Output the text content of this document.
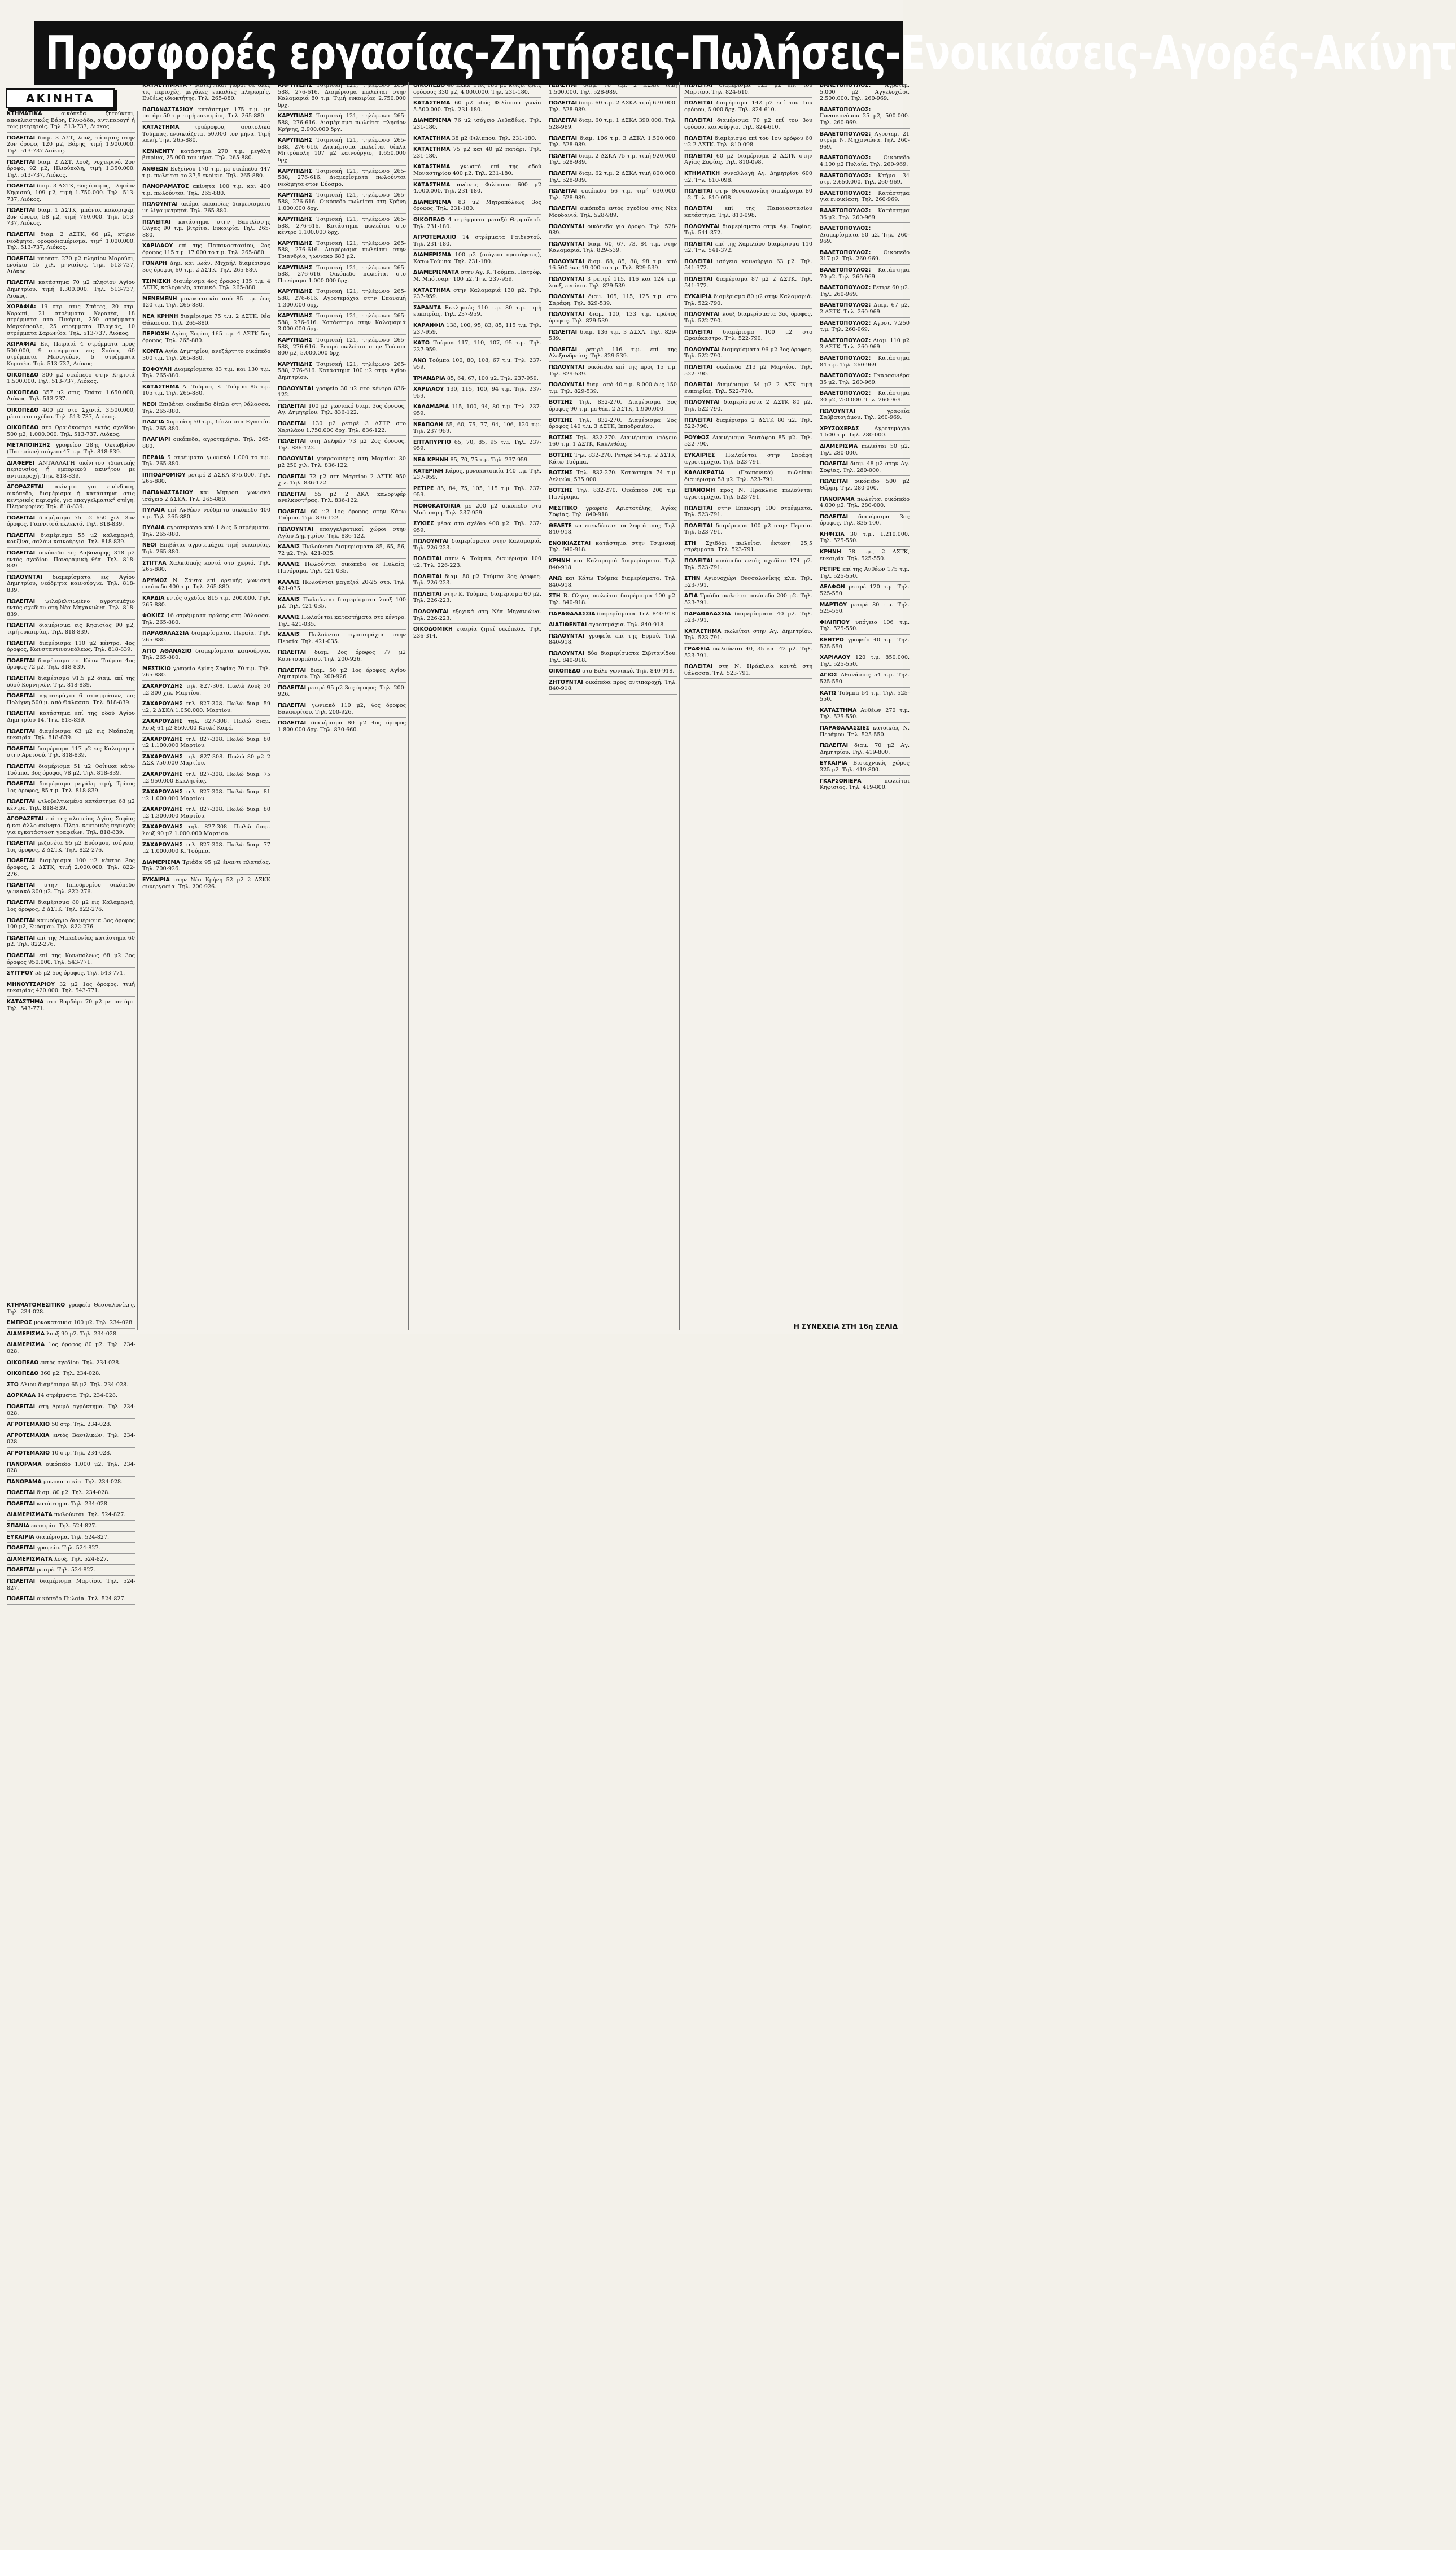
Προσφορές εργασίας-Ζητήσεις-Πωλήσεις-Ενοικιάσεις-Αγορές-Ακίνητ
ΑΚΙΝΗΤΑ

ΚΤΗΜΑΤΙΚΑ οικόπεδα ζητούνται, αποκλειστικώς Βάρη, Γλυφάδα, αντιπαροχή ή τοις μετρητοίς. Τηλ. 513-737, Λιόκος.

ΠΩΛΕΙΤΑΙ διαμ. 3 ΔΣΤ, λουξ, τάπητας στην 2ον όροφο, 120 μ2, Βάρης, τιμή 1.900.000. Τηλ. 513-737 Λιόκος.

ΠΩΛΕΙΤΑΙ διαμ. 2 ΔΣΤ, λουξ, νυχτερινό, 2ον όροφο, 92 μ2, Ηλιούπολη, τιμή 1.350.000. Τηλ. 513-737, Λιόκος.

ΠΩΛΕΙΤΑΙ διαμ. 3 ΔΣΤΚ, 6ος όροφος, πλησίον Κηφισού, 109 μ2, τιμή 1.750.000. Τηλ. 513-737, Λιόκος.

ΠΩΛΕΙΤΑΙ διαμ. 1 ΔΣΤΚ, μπάνιο, καλοριφέρ, 2ον όροφο, 58 μ2, τιμή 760.000. Τηλ. 513-737, Λιόκος.

ΠΩΛΕΙΤΑΙ διαμ. 2 ΔΣΤΚ, 66 μ2, κτίριο νεόδμητο, οροφοδιαμέρισμα, τιμή 1.000.000. Τηλ. 513-737, Λιόκος.

ΠΩΛΕΙΤΑΙ καταστ. 270 μ2 πλησίον Μαρούσι, ενοίκιο 15 χιλ. μηνιαίως. Τηλ. 513-737, Λιόκος.

ΠΩΛΕΙΤΑΙ κατάστημα 70 μ2 πλησίον Αγίου Δημητρίου, τιμή 1.300.000. Τηλ. 513-737, Λιόκος.

ΧΩΡΑΦΙΑ: 19 στρ. στις Σπάτες, 20 στρ. Κορωπί, 21 στρέμματα Κερατέα, 18 στρέμματα στο Πικέρμι, 250 στρέμματα Μαρκόπουλο, 25 στρέμματα Πλαγιάς, 10 στρέμματα Σαρωνίδα. Τηλ. 513-737, Λιόκος.

ΧΩΡΑΦΙΑ: Εις Πειραιά 4 στρέμματα προς 500.000, 9 στρέμματα εις Σπάτα, 60 στρέμματα Μεσογείων, 5 στρέμματα Κερατέα. Τηλ. 513-737, Λιόκος.

ΟΙΚΟΠΕΔΟ 300 μ2 οικόπεδο στην Κηφισιά 1.500.000. Τηλ. 513-737, Λιόκος.

ΟΙΚΟΠΕΔΟ 357 μ2 στις Σπάτα 1.650.000, Λιόκος. Τηλ. 513-737.

ΟΙΚΟΠΕΔΟ 400 μ2 στο Σχινιά, 3.500.000, μέσα στο σχέδιο. Τηλ. 513-737, Λιόκος.

ΟΙΚΟΠΕΔΟ στο Ωραιόκαστρο εντός σχεδίου 500 μ2, 1.000.000. Τηλ. 513-737, Λιόκος.

ΜΕΤΑΠΟΙΗΣΗΣ γραφείου 28ης Οκτωβρίου (Πατησίων) ισόγειο 47 τ.μ. Τηλ. 818-839.

ΔΙΑΦΕΡΕΙ ΑΝΤΑΛΛΑΓΗ ακίνητου ιδιωτικής περιουσίας ή εμπορικού ακινήτου με αντιπαροχή. Τηλ. 818-839.

ΑΓΟΡΑΖΕΤΑΙ ακίνητο για επένδυση, οικόπεδο, διαμέρισμα ή κατάστημα στις κεντρικές περιοχές, για επαγγελματική στέγη. Πληροφορίες: Τηλ. 818-839.

ΠΩΛΕΙΤΑΙ διαμέρισμα 75 μ2 650 χιλ. 3ον όροφος, Γιαννιτσά εκλεκτό. Τηλ. 818-839.

ΠΩΛΕΙΤΑΙ διαμέρισμα 55 μ2 καλαμαριά, κουζίνα, σαλόνι καινούργιο. Τηλ. 818-839.

ΠΩΛΕΙΤΑΙ οικόπεδο εις Λαβανάρης 318 μ2 εντός σχεδίου. Πανοραμική θέα. Τηλ. 818-839.

ΠΩΛΟΥΝΤΑΙ διαμερίσματα εις Αγίου Δημητρίου, νεόδμητα καινούργια. Τηλ. 818-839.

ΠΩΛΕΙΤΑΙ ψιλοβελτιωμένο αγροτεμάχιο εντός σχεδίου στη Νέα Μηχανιώνα. Τηλ. 818-839.

ΠΩΛΕΙΤΑΙ διαμέρισμα εις Κηφισίας 90 μ2, τιμή ευκαιρίας. Τηλ. 818-839.

ΠΩΛΕΙΤΑΙ διαμέρισμα 110 μ2 κέντρο, 4ος όροφος, Κωνσταντινουπόλεως. Τηλ. 818-839.

ΠΩΛΕΙΤΑΙ διαμέρισμα εις Κάτω Τούμπα 4ος όροφος 72 μ2. Τηλ. 818-839.

ΠΩΛΕΙΤΑΙ διαμέρισμα 91,5 μ2 διαμ. επί της οδού Κομνηνών. Τηλ. 818-839.

ΠΩΛΕΙΤΑΙ αγροτεμάχιο 6 στρεμμάτων, εις Πολίχνη 500 μ. από Θάλασσα. Τηλ. 818-839.

ΠΩΛΕΙΤΑΙ κατάστημα επί της οδού Αγίου Δημητρίου 14. Τηλ. 818-839.

ΠΩΛΕΙΤΑΙ διαμέρισμα 63 μ2 εις Νεάπολη, ευκαιρία. Τηλ. 818-839.

ΠΩΛΕΙΤΑΙ διαμέρισμα 117 μ2 εις Καλαμαριά στην Αρετσού. Τηλ. 818-839.

ΠΩΛΕΙΤΑΙ διαμέρισμα 51 μ2 Φοίνικα κάτω Τούμπα, 3ος όροφος 78 μ2. Τηλ. 818-839.

ΠΩΛΕΙΤΑΙ διαμέρισμα μεγάλη τιμή, Τρίτος 1ος όροφος, 85 τ.μ. Τηλ. 818-839.

ΠΩΛΕΙΤΑΙ ψιλοβελτιωμένο κατάστημα 68 μ2 κέντρο. Τηλ. 818-839.

ΑΓΟΡΑΖΕΤΑΙ επί της πλατείας Αγίας Σοφίας ή και άλλο ακίνητο. Πληρ. κεντρικές περιοχές για εγκατάσταση γραφείων. Τηλ. 818-839.

ΠΩΛΕΙΤΑΙ μεζονέτα 95 μ2 Ευόσμου, ισόγειο, 1ος όροφος, 2 ΔΣΤΚ. Τηλ. 822-276.

ΠΩΛΕΙΤΑΙ διαμέρισμα 100 μ2 κέντρο 3ος όροφος, 2 ΔΣΤΚ, τιμή 2.000.000. Τηλ. 822-276.

ΠΩΛΕΙΤΑΙ στην Ιπποδρομίου οικόπεδο γωνιακό 300 μ2. Τηλ. 822-276.

ΠΩΛΕΙΤΑΙ διαμέρισμα 80 μ2 εις Καλαμαριά, 1ος όροφος, 2 ΔΣΤΚ. Τηλ. 822-276.

ΠΩΛΕΙΤΑΙ καινούργιο διαμέρισμα 3ος όροφος 100 μ2, Ευόσμου. Τηλ. 822-276.

ΠΩΛΕΙΤΑΙ επί της Μακεδονίας κατάστημα 60 μ2. Τηλ. 822-276.

ΠΩΛΕΙΤΑΙ επί της Κων/πόλεως 68 μ2 3ος όροφος 950.000. Τηλ. 543-771.

ΣΥΓΓΡΟΥ 55 μ2 5ος όροφος. Τηλ. 543-771.

ΜΗΝΟΥΤΣΑΡΙΟΥ 32 μ2 1ος όροφος, τιμή ευκαιρίας 420.000. Τηλ. 543-771.

ΚΑΤΑΣΤΗΜΑ στο Βαρδάρι 70 μ2 με πατάρι. Τηλ. 543-771.

ΚΑΤΑΣΤΗΜΑΤΑ - βιοτεχνικοί χώροι σε όλες τις περιοχές, μεγάλες ευκολίες πληρωμής. Ευθέως ιδιοκτήτης. Τηλ. 265-880.

ΠΑΠΑΝΑΣΤΑΣΙΟΥ κατάστημα 175 τ.μ. με πατάρι 50 τ.μ. τιμή ευκαιρίας. Τηλ. 265-880.

ΚΑΤΑΣΤΗΜΑ τριώροφου, ανατολικά Τούμπας, ενοικιάζεται 50.000 τον μήνα. Τιμή καλή. Τηλ. 265-880.

ΚΕΝΝΕΝΤΥ κατάστημα 270 τ.μ. μεγάλη βιτρίνα, 25.000 τον μήνα. Τηλ. 265-880.

ΑΝΘΕΩΝ Ευξείνου 170 τ.μ. με οικόπεδο 447 τ.μ. πωλείται το 37,5 ενοίκιο. Τηλ. 265-880.

ΠΑΝΟΡΑΜΑΤΟΣ ακίνητα 100 τ.μ. και 400 τ.μ. πωλούνται. Τηλ. 265-880.

ΠΩΛΟΥΝΤΑΙ ακόμα ευκαιρίες διαμερισματα με λίγα μετρητά. Τηλ. 265-880.

ΠΩΛΕΙΤΑΙ κατάστημα στην Βασιλίσσης Όλγας 90 τ.μ. βιτρίνα. Ευκαιρία. Τηλ. 265-880.

ΧΑΡΙΛΑΟΥ επί της Παπαναστασίου, 2ος όροφος 115 τ.μ. 17.000 το τ.μ. Τηλ. 265-880.

ΓΟΝΑΡΗ Δημ. και Ιωάν. Μιχαήλ διαμέρισμα 3ος όροφος 60 τ.μ. 2 ΔΣΤΚ. Τηλ. 265-880.

ΤΣΙΜΙΣΚΗ διαμέρισμα 4ος όροφος 135 τ.μ. 4 ΔΣΤΚ, καλοριφέρ, ατομικό. Τηλ. 265-880.

ΜΕΝΕΜΕΝΗ μονοκατοικία από 85 τ.μ. έως 120 τ.μ. Τηλ. 265-880.

ΝΕΑ ΚΡΗΝΗ διαμέρισμα 75 τ.μ. 2 ΔΣΤΚ, θέα Θάλασσα. Τηλ. 265-880.

ΠΕΡΙΟΧΗ Αγίας Σοφίας 165 τ.μ. 4 ΔΣΤΚ 5ος όροφος. Τηλ. 265-880.

ΚΟΝΤΑ Αγία Δημητρίου, ανεξάρτητο οικόπεδο 300 τ.μ. Τηλ. 265-880.

ΣΟΦΟΥΛΗ Διαμερίσματα 83 τ.μ. και 130 τ.μ. Τηλ. 265-880.

ΚΑΤΑΣΤΗΜΑ Α. Τούμπα, Κ. Τούμπα 85 τ.μ. 105 τ.μ. Τηλ. 265-880.

ΝΕΟΙ Επιβάται οικόπεδο δίπλα στη θάλασσα. Τηλ. 265-880.

ΠΛΑΓΙΑ Χορτιάτη 50 τ.μ., δίπλα στα Εγνατία. Τηλ. 265-880.

ΠΛΑΓΙΑΡΙ οικόπεδα, αγροτεμάχια. Τηλ. 265-880.

ΠΕΡΑΙΑ 5 στρέμματα γωνιακό 1.000 το τ.μ. Τηλ. 265-880.

ΙΠΠΟΔΡΟΜΙΟΥ ρετιρέ 2 ΔΣΚΛ 875.000. Τηλ. 265-880.

ΠΑΠΑΝΑΣΤΑΣΙΟΥ και Μητροπ. γωνιακό ισόγειο 2 ΔΣΚΛ. Τηλ. 265-880.

ΠΥΛΑΙΑ επί Ανθέων νεόδμητο οικόπεδο 400 τ.μ. Τηλ. 265-880.

ΠΥΛΑΙΑ αγροτεμάχιο από 1 έως 6 στρέμματα. Τηλ. 265-880.

ΝΕΟΙ Επιβάται αγροτεμάχια τιμή ευκαιρίας. Τηλ. 265-880.

ΣΤΙΓΓΛΑ Χαλκιδικής κοντά στο χωριό. Τηλ. 265-880.

ΔΡΥΜΟΣ Ν. Σάντα επί ορεινής γωνιακή οικόπεδο 400 τ.μ. Τηλ. 265-880.

ΚΑΡΔΙΑ εντός σχεδίου 815 τ.μ. 200.000. Τηλ. 265-880.

ΦΩΚΙΕΣ 16 στρέμματα πρώτης στη θάλασσα. Τηλ. 265-880.

ΠΑΡΑΘΑΛΑΣΣΙΑ διαμερίσματα. Περαία. Τηλ. 265-880.

ΑΓΙΟ ΑΘΑΝΑΣΙΟ διαμερίσματα καινούργια. Τηλ. 265-880.

ΜΕΣΤΙΚΙΟ γραφείο Αγίας Σοφίας 70 τ.μ. Τηλ. 265-880.

ΖΑΧΑΡΟΥΔΗΣ τηλ. 827-308. Πωλώ λουξ 30 μ2 300 χιλ. Μαρτίου.

ΖΑΧΑΡΟΥΔΗΣ τηλ. 827-308. Πωλώ διαμ. 59 μ2, 2 ΔΣΚΛ 1.050.000. Μαρτίου.

ΖΑΧΑΡΟΥΔΗΣ τηλ. 827-308. Πωλώ διαμ. λουξ 64 μ2 850.000 Κουλέ Καφέ.

ΖΑΧΑΡΟΥΔΗΣ τηλ. 827-308. Πωλώ διαμ. 80 μ2 1.100.000 Μαρτίου.

ΖΑΧΑΡΟΥΔΗΣ τηλ. 827-308. Πωλώ 80 μ2 2 ΔΣΚ 750.000 Μαρτίου.

ΖΑΧΑΡΟΥΔΗΣ τηλ. 827-308. Πωλώ διαμ. 75 μ2 950.000 Εκκλησίας.

ΖΑΧΑΡΟΥΔΗΣ τηλ. 827-308. Πωλώ διαμ. 81 μ2 1.000.000 Μαρτίου.

ΖΑΧΑΡΟΥΔΗΣ τηλ. 827-308. Πωλώ διαμ. 80 μ2 1.300.000 Μαρτίου.

ΖΑΧΑΡΟΥΔΗΣ τηλ. 827-308. Πωλώ διαμ. λουξ 90 μ2 1.000.000 Μαρτίου.

ΖΑΧΑΡΟΥΔΗΣ τηλ. 827-308. Πωλώ διαμ. 77 μ2 1.000.000 Κ. Τούμπα.

ΔΙΑΜΕΡΙΣΜΑ Τριάδα 95 μ2 έναντι πλατείας. Τηλ. 200-926.

ΕΥΚΑΙΡΙΑ στην Νέα Κρήνη 52 μ2 2 ΔΣΚΚ συνεργασία. Τηλ. 200-926.

ΚΑΡΥΠΙΔΗΣ Τσιμισκή 121, τηλέφωνο 265-588, 276-616. Διαμέρισμα πωλείται στην Καλαμαριά 80 τ.μ. Τιμή ευκαιρίας 2.750.000 δρχ.

ΚΑΡΥΠΙΔΗΣ Τσιμισκή 121, τηλέφωνο 265-588, 276-616. Διαμέρισμα πωλείται πλησίον Κρήνης, 2.900.000 δρχ.

ΚΑΡΥΠΙΔΗΣ Τσιμισκή 121, τηλέφωνο 265-588, 276-616. Διαμέρισμα πωλείται δίπλα Μητρόπολη 107 μ2 καινούργιο, 1.650.000 δρχ.

ΚΑΡΥΠΙΔΗΣ Τσιμισκή 121, τηλέφωνο 265-588, 276-616. Διαμερίσματα πωλούνται νεόδμητα στον Εύοσμο.

ΚΑΡΥΠΙΔΗΣ Τσιμισκή 121, τηλέφωνο 265-588, 276-616. Οικόπεδο πωλείται στη Κρήνη 1.000.000 δρχ.

ΚΑΡΥΠΙΔΗΣ Τσιμισκή 121, τηλέφωνο 265-588, 276-616. Κατάστημα πωλείται στο κέντρο 1.100.000 δρχ.

ΚΑΡΥΠΙΔΗΣ Τσιμισκή 121, τηλέφωνο 265-588, 276-616. Διαμέρισμα πωλείται στην Τριανδρία, γωνιακό 683 μ2.

ΚΑΡΥΠΙΔΗΣ Τσιμισκή 121, τηλέφωνο 265-588, 276-616. Οικόπεδο πωλείται στο Πανόραμα 1.000.000 δρχ.

ΚΑΡΥΠΙΔΗΣ Τσιμισκή 121, τηλέφωνο 265-588, 276-616. Αγροτεμάχια στην Επανομή 1.300.000 δρχ.

ΚΑΡΥΠΙΔΗΣ Τσιμισκή 121, τηλέφωνο 265-588, 276-616. Κατάστημα στην Καλαμαριά 3.000.000 δρχ.

ΚΑΡΥΠΙΔΗΣ Τσιμισκή 121, τηλέφωνο 265-588, 276-616. Ρετιρέ πωλείται στην Τούμπα 800 μ2, 5.000.000 δρχ.

ΚΑΡΥΠΙΔΗΣ Τσιμισκή 121, τηλέφωνο 265-588, 276-616. Κατάστημα 100 μ2 στην Αγίου Δημητρίου.

ΠΩΛΟΥΝΤΑΙ γραφείο 30 μ2 στο κέντρο 836-122.

ΠΩΛΕΙΤΑΙ 100 μ2 γωνιακό διαμ. 3ος όροφος, Αγ. Δημητρίου. Τηλ. 836-122.

ΠΩΛΕΙΤΑΙ 130 μ2 ρετιρέ 3 ΔΣΤΡ στο Χαριλάου 1.750.000 δρχ. Τηλ. 836-122.

ΠΩΛΕΙΤΑΙ στη Δελφών 73 μ2 2ος όροφος. Τηλ. 836-122.

ΠΩΛΟΥΝΤΑΙ γκαρσονιέρες στη Μαρτίου 30 μ2 250 χιλ. Τηλ. 836-122.

ΠΩΛΕΙΤΑΙ 72 μ2 στη Μαρτίου 2 ΔΣΤΚ 950 χιλ. Τηλ. 836-122.

ΠΩΛΕΙΤΑΙ 55 μ2 2 ΔΚΛ καλοριφέρ ανελκυστήρας. Τηλ. 836-122.

ΠΩΛΕΙΤΑΙ 60 μ2 1ος όροφος στην Κάτω Τούμπα. Τηλ. 836-122.

ΠΩΛΟΥΝΤΑΙ επαγγελματικοί χώροι στην Αγίου Δημητρίου. Τηλ. 836-122.

ΚΑΛΛΙΣ Πωλούνται διαμερίσματα 85, 65, 56, 72 μ2. Τηλ. 421-035.

ΚΑΛΛΙΣ Πωλούνται οικόπεδα σε Πυλαία, Πανόραμα. Τηλ. 421-035.

ΚΑΛΛΙΣ Πωλούνται μαγαζιά 20-25 στρ. Τηλ. 421-035.

ΚΑΛΛΙΣ Πωλούνται διαμερίσματα λουξ 100 μ2. Τηλ. 421-035.

ΚΑΛΛΙΣ Πωλούνται καταστήματα στο κέντρο. Τηλ. 421-035.

ΚΑΛΛΙΣ Πωλούνται αγροτεμάχια στην Περαία. Τηλ. 421-035.

ΠΩΛΕΙΤΑΙ διαμ. 2ος όροφος 77 μ2 Κουντουριώτου. Τηλ. 200-926.

ΠΩΛΕΙΤΑΙ διαμ. 50 μ2 1ος όροφος Αγίου Δημητρίου. Τηλ. 200-926.

ΠΩΛΕΙΤΑΙ ρετιρέ 95 μ2 3ος όροφος. Τηλ. 200-926.

ΠΩΛΕΙΤΑΙ γωνιακό 110 μ2, 4ος όροφος Βαλάωρίτου. Τηλ. 200-926.

ΠΩΛΕΙΤΑΙ διαμέρισμα 80 μ2 4ος όροφος 1.800.000 δρχ. Τηλ. 830-660.

ΟΙΚΟΠΕΔΟ 40 Εκκλησιές 180 μ2 κτίζει τρεις ορόφους 330 μ2, 4.000.000. Τηλ. 231-180.

ΚΑΤΑΣΤΗΜΑ 60 μ2 οδός Φιλίππου γωνία 5.500.000. Τηλ. 231-180.

ΔΙΑΜΕΡΙΣΜΑ 76 μ2 ισόγειο Λεβαδέως. Τηλ. 231-180.

ΚΑΤΑΣΤΗΜΑ 38 μ2 Φιλίππου. Τηλ. 231-180.

ΚΑΤΑΣΤΗΜΑ 75 μ2 και 40 μ2 πατάρι. Τηλ. 231-180.

ΚΑΤΑΣΤΗΜΑ γνωστό επί της οδού Μοναστηρίου 400 μ2. Τηλ. 231-180.

ΚΑΤΑΣΤΗΜΑ ανέσεις Φιλίππου 600 μ2 4.000.000. Τηλ. 231-180.

ΔΙΑΜΕΡΙΣΜΑ 83 μ2 Μητροπόλεως 3ος όροφος. Τηλ. 231-180.

ΟΙΚΟΠΕΔΟ 4 στρέμματα μεταξύ Θερμαϊκού. Τηλ. 231-180.

ΑΓΡΟΤΕΜΑΧΙΟ 14 στρέμματα Ραιδεστού. Τηλ. 231-180.

ΔΙΑΜΕΡΙΣΜΑ 100 μ2 (ισόγειο προσόψεως), Κάτω Τούμπα. Τηλ. 231-180.

ΔΙΑΜΕΡΙΣΜΑΤΑ στην Αγ. Κ. Τούμπα, Πατρόφ. Μ. Μπότσαρη 100 μ2. Τηλ. 237-959.

ΚΑΤΑΣΤΗΜΑ στην Καλαμαριά 130 μ2. Τηλ. 237-959.

ΣΑΡΑΝΤΑ Εκκλησιές 110 τ.μ. 80 τ.μ. τιμή ευκαιρίας. Τηλ. 237-959.

ΚΑΡΑΝΦΙΛ 138, 100, 95, 83, 85, 115 τ.μ. Τηλ. 237-959.

ΚΑΤΩ Τούμπα 117, 110, 107, 95 τ.μ. Τηλ. 237-959.

ΑΝΩ Τούμπα 100, 80, 108, 67 τ.μ. Τηλ. 237-959.

ΤΡΙΑΝΔΡΙΑ 85, 64, 67, 100 μ2. Τηλ. 237-959.

ΧΑΡΙΛΑΟΥ 130, 115, 100, 94 τ.μ. Τηλ. 237-959.

ΚΑΛΑΜΑΡΙΑ 115, 100, 94, 80 τ.μ. Τηλ. 237-959.

ΝΕΑΠΟΛΗ 55, 60, 75, 77, 94, 106, 120 τ.μ. Τηλ. 237-959.

ΕΠΤΑΠΥΡΓΙΟ 65, 70, 85, 95 τ.μ. Τηλ. 237-959.

ΝΕΑ ΚΡΗΝΗ 85, 70, 75 τ.μ. Τηλ. 237-959.

ΚΑΤΕΡΙΝΗ Κάρος, μονοκατοικία 140 τ.μ. Τηλ. 237-959.

ΡΕΤΙΡΕ 85, 84, 75, 105, 115 τ.μ. Τηλ. 237-959.

ΜΟΝΟΚΑΤΟΙΚΙΑ με 200 μ2 οικόπεδο στο Μπότσαρη. Τηλ. 237-959.

ΣΥΚΙΕΣ μέσα στο σχέδιο 400 μ2. Τηλ. 237-959.

ΠΩΛΟΥΝΤΑΙ διαμερίσματα στην Καλαμαριά. Τηλ. 226-223.

ΠΩΛΕΙΤΑΙ στην Α. Τούμπα, διαμέρισμα 100 μ2. Τηλ. 226-223.

ΠΩΛΕΙΤΑΙ διαμ. 50 μ2 Τούμπα 3ος όροφος. Τηλ. 226-223.

ΠΩΛΕΙΤΑΙ στην Κ. Τούμπα, διαμέρισμα 60 μ2. Τηλ. 226-223.

ΠΩΛΟΥΝΤΑΙ εξοχικά στη Νέα Μηχανιώνα. Τηλ. 226-223.

ΟΙΚΟΔΟΜΙΚΗ εταιρία ζητεί οικόπεδα. Τηλ. 236-314.

ΠΩΛΕΙΤΑΙ διαμ. 78 τ.μ. 2 ΔΣΧΛ τιμή 1.500.000. Τηλ. 528-989.

ΠΩΛΕΙΤΑΙ διαμ. 60 τ.μ. 2 ΔΣΚΛ τιμή 670.000. Τηλ. 528-989.

ΠΩΛΕΙΤΑΙ διαμ. 60 τ.μ. 1 ΔΣΚΛ 390.000. Τηλ. 528-989.

ΠΩΛΕΙΤΑΙ διαμ. 106 τ.μ. 3 ΔΣΚΛ 1.500.000. Τηλ. 528-989.

ΠΩΛΕΙΤΑΙ διαμ. 2 ΔΣΚΛ 75 τ.μ. τιμή 920.000. Τηλ. 528-989.

ΠΩΛΕΙΤΑΙ διαμ. 62 τ.μ. 2 ΔΣΚΛ τιμή 800.000. Τηλ. 528-989.

ΠΩΛΕΙΤΑΙ οικόπεδο 56 τ.μ. τιμή 630.000. Τηλ. 528-989.

ΠΩΛΕΙΤΑΙ οικόπεδα εντός σχεδίου στις Νέα Μουδανιά. Τηλ. 528-989.

ΠΩΛΟΥΝΤΑΙ οικόπεδα για όροφο. Τηλ. 528-989.

ΠΩΛΟΥΝΤΑΙ διαμ. 60, 67, 73, 84 τ.μ. στην Καλαμαριά. Τηλ. 829-539.

ΠΩΛΟΥΝΤΑΙ διαμ. 68, 85, 88, 98 τ.μ. από 16.500 έως 19.000 το τ.μ. Τηλ. 829-539.

ΠΩΛΟΥΝΤΑΙ 3 ρετιρέ 115, 116 και 124 τ.μ. λουξ, ενοίκιο. Τηλ. 829-539.

ΠΩΛΟΥΝΤΑΙ διαμ. 105, 115, 125 τ.μ. στο Σαράφη. Τηλ. 829-539.

ΠΩΛΟΥΝΤΑΙ διαμ. 100, 133 τ.μ. πρώτος όροφος. Τηλ. 829-539.

ΠΩΛΕΙΤΑΙ διαμ. 136 τ.μ. 3 ΔΣΧΛ. Τηλ. 829-539.

ΠΩΛΕΙΤΑΙ ρετιρέ 116 τ.μ. επί της Αλεξανδρείας. Τηλ. 829-539.

ΠΩΛΟΥΝΤΑΙ οικόπεδα επί της προς 15 τ.μ. Τηλ. 829-539.

ΠΩΛΟΥΝΤΑΙ διαμ. από 40 τ.μ. 8.000 έως 150 τ.μ. Τηλ. 829-539.

ΒΟΤΣΗΣ Τηλ. 832-270. Διαμέρισμα 3ος όροφος 90 τ.μ. με θέα. 2 ΔΣΤΚ, 1.900.000.

ΒΟΤΣΗΣ Τηλ. 832-270. Διαμέρισμα 2ος όροφος 140 τ.μ. 3 ΔΣΤΚ, Ιπποδρομίου.

ΒΟΤΣΗΣ Τηλ. 832-270. Διαμέρισμα ισόγειο 160 τ.μ. 1 ΔΣΤΚ, Καλλιθέας.

ΒΟΤΣΗΣ Τηλ. 832-270. Ρετιρέ 54 τ.μ. 2 ΔΣΤΚ, Κάτω Τούμπα.

ΒΟΤΣΗΣ Τηλ. 832-270. Κατάστημα 74 τ.μ. Δελφών, 535.000.

ΒΟΤΣΗΣ Τηλ. 832-270. Οικόπεδο 200 τ.μ. Πανόραμα.

ΜΕΣΙΤΙΚΟ γραφείο Αριστοτέλης, Αγίας Σοφίας. Τηλ. 840-918.

ΘΕΛΕΤΕ να επενδύσετε τα λεφτά σας; Τηλ. 840-918.

ΕΝΟΙΚΙΑΖΕΤΑΙ κατάστημα στην Τσιμισκή. Τηλ. 840-918.

ΚΡΗΝΗ και Καλαμαριά διαμερίσματα. Τηλ. 840-918.

ΑΝΩ και Κάτω Τούμπα διαμερίσματα. Τηλ. 840-918.

ΣΤΗ Β. Όλγας πωλείται διαμέρισμα 100 μ2. Τηλ. 840-918.

ΠΑΡΑΘΑΛΑΣΣΙΑ διαμερίσματα. Τηλ. 840-918.

ΔΙΑΤΙΘΕΝΤΑΙ αγροτεμάχια. Τηλ. 840-918.

ΠΩΛΟΥΝΤΑΙ γραφεία επί της Ερμού. Τηλ. 840-918.

ΠΩΛΟΥΝΤΑΙ δύο διαμερίσματα Σιβιτανίδου. Τηλ. 840-918.

ΟΙΚΟΠΕΔΟ στο Βόλο γωνιακό. Τηλ. 840-918.

ΖΗΤΟΥΝΤΑΙ οικόπεδα προς αντιπαροχή. Τηλ. 840-918.

ΠΩΛΕΙΤΑΙ διαμέρισμα 125 μ2 επί του Μαρτίου. Τηλ. 824-610.

ΠΩΛΕΙΤΑΙ διαμέρισμα 142 μ2 επί του 1ου ορόφου, 5.000 δρχ. Τηλ. 824-610.

ΠΩΛΕΙΤΑΙ διαμέρισμα 70 μ2 επί του 3ου ορόφου, καινούργιο. Τηλ. 824-610.

ΠΩΛΕΙΤΑΙ διαμέρισμα επί του 1ου ορόφου 60 μ2 2 ΔΣΤΚ. Τηλ. 810-098.

ΠΩΛΕΙΤΑΙ 60 μ2 διαμέρισμα 2 ΔΣΤΚ στην Αγίας Σοφίας. Τηλ. 810-098.

ΚΤΗΜΑΤΙΚΗ συναλλαγή Αγ. Δημητρίου 600 μ2. Τηλ. 810-098.

ΠΩΛΕΙΤΑΙ στην Θεσσαλονίκη διαμέρισμα 80 μ2. Τηλ. 810-098.

ΠΩΛΕΙΤΑΙ επί της Παπαναστασίου κατάστημα. Τηλ. 810-098.

ΠΩΛΟΥΝΤΑΙ διαμερίσματα στην Αγ. Σοφίας. Τηλ. 541-372.

ΠΩΛΕΙΤΑΙ επί της Χαριλάου διαμέρισμα 110 μ2. Τηλ. 541-372.

ΠΩΛΕΙΤΑΙ ισόγειο καινούργιο 63 μ2. Τηλ. 541-372.

ΠΩΛΕΙΤΑΙ διαμέρισμα 87 μ2 2 ΔΣΤΚ. Τηλ. 541-372.

ΕΥΚΑΙΡΙΑ διαμέρισμα 80 μ2 στην Καλαμαριά. Τηλ. 522-790.

ΠΩΛΟΥΝΤΑΙ λουξ διαμερίσματα 3ος όροφος. Τηλ. 522-790.

ΠΩΛΕΙΤΑΙ διαμέρισμα 100 μ2 στο Ωραιόκαστρο. Τηλ. 522-790.

ΠΩΛΟΥΝΤΑΙ διαμερίσματα 96 μ2 3ος όροφος. Τηλ. 522-790.

ΠΩΛΕΙΤΑΙ οικόπεδο 213 μ2 Μαρτίου. Τηλ. 522-790.

ΠΩΛΕΙΤΑΙ διαμέρισμα 54 μ2 2 ΔΣΚ τιμή ευκαιρίας. Τηλ. 522-790.

ΠΩΛΟΥΝΤΑΙ διαμερίσματα 2 ΔΣΤΚ 80 μ2. Τηλ. 522-790.

ΠΩΛΕΙΤΑΙ διαμέρισμα 2 ΔΣΤΚ 80 μ2. Τηλ. 522-790.

ΡΟΥΦΟΣ Διαμέρισμα Ρουτάφου 85 μ2. Τηλ. 522-790.

ΕΥΚΑΙΡΙΕΣ Πωλούνται στην Σαράφη αγροτεμάχια. Τηλ. 523-791.

ΚΑΛΛΙΚΡΑΤΙΑ (Γεωπονικά) πωλείται διαμέρισμα 58 μ2. Τηλ. 523-791.

ΕΠΑΝΟΜΗ προς Ν. Ηράκλεια πωλούνται αγροτεμάχια. Τηλ. 523-791.

ΠΩΛΕΙΤΑΙ στην Επανομή 100 στρέμματα. Τηλ. 523-791.

ΠΩΛΕΙΤΑΙ διαμέρισμα 100 μ2 στην Περαία. Τηλ. 523-791.

ΣΤΗ Σχιδόρι πωλείται έκταση 25,5 στρέμματα. Τηλ. 523-791.

ΠΩΛΕΙΤΑΙ οικόπεδο εντός σχεδίου 174 μ2. Τηλ. 523-791.

ΣΤΗΝ Αγιονοχώρι Θεσσαλονίκης κλπ. Τηλ. 523-791.

ΑΓΙΑ Τριάδα πωλείται οικόπεδο 200 μ2. Τηλ. 523-791.

ΠΑΡΑΘΑΛΑΣΣΙΑ διαμερίσματα 40 μ2. Τηλ. 523-791.

ΚΑΤΑΣΤΗΜΑ πωλείται στην Αγ. Δημητρίου. Τηλ. 523-791.

ΓΡΑΦΕΙΑ πωλούνται 40, 35 και 42 μ2. Τηλ. 523-791.

ΠΩΛΕΙΤΑΙ στη Ν. Ηράκλεια κοντά στη θάλασσα. Τηλ. 523-791.

ΒΑΛΕΤΟΠΟΥΛΟΣ: Αγροτεμ. 5.000 μ2 Αγγελοχώρι, 2.500.000. Τηλ. 260-969.

ΒΑΛΕΤΟΠΟΥΛΟΣ: Γυναικονόμου 25 μ2, 500.000. Τηλ. 260-969.

ΒΑΛΕΤΟΠΟΥΛΟΣ: Αγροτεμ. 21 στρέμ. Ν. Μηχανιώνα. Τηλ. 260-969.

ΒΑΛΕΤΟΠΟΥΛΟΣ: Οικόπεδο 4.100 μ2 Πυλαία. Τηλ. 260-969.

ΒΑΛΕΤΟΠΟΥΛΟΣ: Κτήμα 34 στρ. 2.650.000. Τηλ. 260-969.

ΒΑΛΕΤΟΠΟΥΛΟΣ: Κατάστημα για ενοικίαση. Τηλ. 260-969.

ΒΑΛΕΤΟΠΟΥΛΟΣ: Κατάστημα 36 μ2. Τηλ. 260-969.

ΒΑΛΕΤΟΠΟΥΛΟΣ: Διαμερίσματα 50 μ2. Τηλ. 260-969.

ΒΑΛΕΤΟΠΟΥΛΟΣ: Οικόπεδο 317 μ2. Τηλ. 260-969.

ΒΑΛΕΤΟΠΟΥΛΟΣ: Κατάστημα 70 μ2. Τηλ. 260-969.

ΒΑΛΕΤΟΠΟΥΛΟΣ: Ρετιρέ 60 μ2. Τηλ. 260-969.

ΒΑΛΕΤΟΠΟΥΛΟΣ: Διαμ. 67 μ2, 2 ΔΣΤΚ. Τηλ. 260-969.

ΒΑΛΕΤΟΠΟΥΛΟΣ: Αγροτ. 7.250 τ.μ. Τηλ. 260-969.

ΒΑΛΕΤΟΠΟΥΛΟΣ: Διαμ. 110 μ2 3 ΔΣΤΚ. Τηλ. 260-969.

ΒΑΛΕΤΟΠΟΥΛΟΣ: Κατάστημα 84 τ.μ. Τηλ. 260-969.

ΒΑΛΕΤΟΠΟΥΛΟΣ: Γκαρσονιέρα 35 μ2. Τηλ. 260-969.

ΒΑΛΕΤΟΠΟΥΛΟΣ: Κατάστημα 30 μ2, 750.000. Τηλ. 260-969.

ΠΩΛΟΥΝΤΑΙ γραφεία Σαββατογάμου. Τηλ. 260-969.

ΧΡΥΣΟΧΕΡΑΣ Αγροτεμάχιο 1.500 τ.μ. Τηλ. 280-000.

ΔΙΑΜΕΡΙΣΜΑ πωλείται 50 μ2. Τηλ. 280-000.

ΠΩΛΕΙΤΑΙ διαμ. 48 μ2 στην Αγ. Σοφίας. Τηλ. 280-000.

ΠΩΛΕΙΤΑΙ οικόπεδο 500 μ2 Θέρμη. Τηλ. 280-000.

ΠΑΝΟΡΑΜΑ πωλείται οικόπεδο 4.000 μ2. Τηλ. 280-000.

ΠΩΛΕΙΤΑΙ διαμέρισμα 3ος όροφος. Τηλ. 835-100.

ΚΗΦΙΣΙΑ 30 τ.μ., 1.210.000. Τηλ. 525-550.

ΚΡΗΝΗ 78 τ.μ., 2 ΔΣΤΚ, ευκαιρία. Τηλ. 525-550.

ΡΕΤΙΡΕ επί της Ανθέων 175 τ.μ. Τηλ. 525-550.

ΔΕΛΦΩΝ ρετιρέ 120 τ.μ. Τηλ. 525-550.

ΜΑΡΤΙΟΥ ρετιρέ 80 τ.μ. Τηλ. 525-550.

ΦΙΛΙΠΠΟΥ υπόγειο 106 τ.μ. Τηλ. 525-550.

ΚΕΝΤΡΟ γραφείο 40 τ.μ. Τηλ. 525-550.

ΧΑΡΙΛΑΟΥ 120 τ.μ. 850.000. Τηλ. 525-550.

ΑΓΙΟΣ Αθανάσιος 54 τ.μ. Τηλ. 525-550.

ΚΑΤΩ Τούμπα 54 τ.μ. Τηλ. 525-550.

ΚΑΤΑΣΤΗΜΑ Ανθέων 270 τ.μ. Τηλ. 525-550.

ΠΑΡΑΘΑΛΑΣΣΙΕΣ κατοικίες Ν. Περάμου. Τηλ. 525-550.

ΠΩΛΕΙΤΑΙ διαμ. 70 μ2 Αγ. Δημητρίου. Τηλ. 419-800.

ΕΥΚΑΙΡΙΑ Βιοτεχνικός χώρος 325 μ2. Τηλ. 419-800.

ΓΚΑΡΣΟΝΙΕΡΑ πωλείται Κηφισίας. Τηλ. 419-800.

ΚΤΗΜΑΤΟΜΕΣΙΤΙΚΟ γραφείο Θεσσαλονίκης. Τηλ. 234-028.

ΕΜΠΡΟΣ μονοκατοικία 100 μ2. Τηλ. 234-028.

ΔΙΑΜΕΡΙΣΜΑ λουξ 90 μ2. Τηλ. 234-028.

ΔΙΑΜΕΡΙΣΜΑ 1ος όροφος 80 μ2. Τηλ. 234-028.

ΟΙΚΟΠΕΔΟ εντός σχεδίου. Τηλ. 234-028.

ΟΙΚΟΠΕΔΟ 360 μ2. Τηλ. 234-028.

ΣΤΟ Αλιου διαμέρισμα 65 μ2. Τηλ. 234-028.

ΔΟΡΚΑΔΑ 14 στρέμματα. Τηλ. 234-028.

ΠΩΛΕΙΤΑΙ στη Δρυμό αγρόκτημα. Τηλ. 234-028.

ΑΓΡΟΤΕΜΑΧΙΟ 50 στρ. Τηλ. 234-028.

ΑΓΡΟΤΕΜΑΧΙΑ εντός Βασιλικών. Τηλ. 234-028.

ΑΓΡΟΤΕΜΑΧΙΟ 10 στρ. Τηλ. 234-028.

ΠΑΝΟΡΑΜΑ οικόπεδο 1.000 μ2. Τηλ. 234-028.

ΠΑΝΟΡΑΜΑ μονοκατοικία. Τηλ. 234-028.

ΠΩΛΕΙΤΑΙ διαμ. 80 μ2. Τηλ. 234-028.

ΠΩΛΕΙΤΑΙ κατάστημα. Τηλ. 234-028.

ΔΙΑΜΕΡΙΣΜΑΤΑ πωλούνται. Τηλ. 524-827.

ΣΠΑΝΙΑ ευκαιρία. Τηλ. 524-827.

ΕΥΚΑΙΡΙΑ διαμέρισμα. Τηλ. 524-827.

ΠΩΛΕΙΤΑΙ γραφείο. Τηλ. 524-827.

ΔΙΑΜΕΡΙΣΜΑΤΑ λουξ. Τηλ. 524-827.

ΠΩΛΕΙΤΑΙ ρετιρέ. Τηλ. 524-827.

ΠΩΛΕΙΤΑΙ διαμέρισμα Μαρτίου. Τηλ. 524-827.

ΠΩΛΕΙΤΑΙ οικόπεδο Πυλαία. Τηλ. 524-827.

Η ΣΥΝΕΧΕΙΑ ΣΤΗ 16η ΣΕΛΙΔ
